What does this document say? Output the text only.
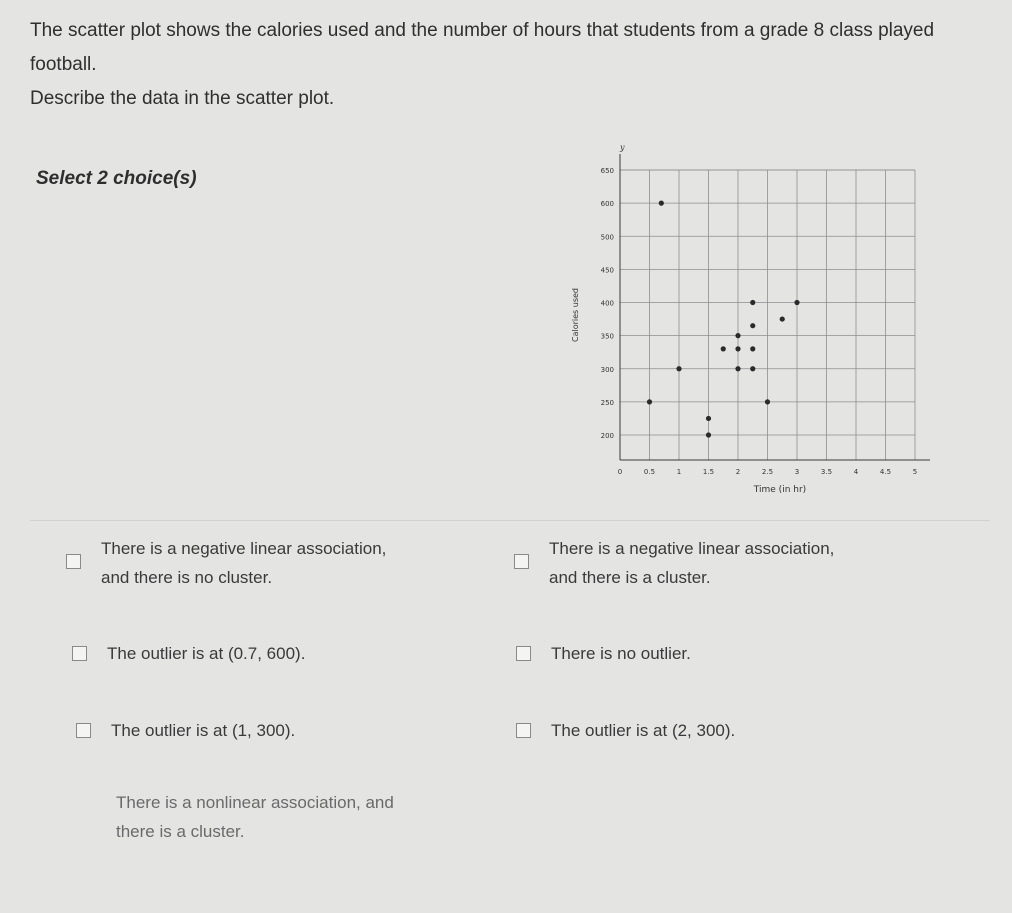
The scatter plot shows the calories used and the number of hours that students from a grade 8 class played football.

Describe the data in the scatter plot.

Select 2 choice(s)
0	0.5	1	1.5	2	2.5	3	3.5	4	4.5	5
200
250
300
350
400
450
500
600
650
Time (in hr)
Calories used
y
There is a negative linear association,
and there is no cluster.
There is a negative linear association,
and there is a cluster.
The outlier is at (0.7, 600).	There is no outlier.
The outlier is at (1, 300).	The outlier is at (2, 300).
There is a nonlinear association, and
there is a cluster.
